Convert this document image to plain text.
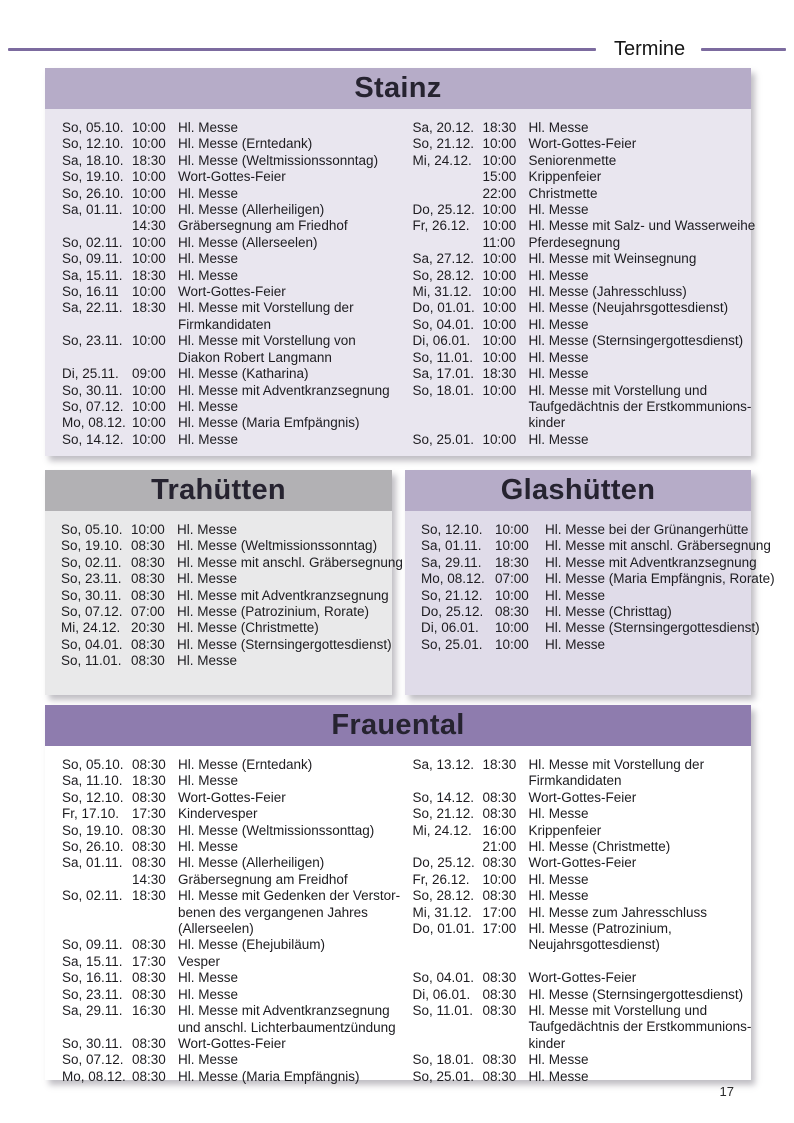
Termine
Stainz
So, 05.10. 10:00 Hl. Messe
So, 12.10. 10:00 Hl. Messe (Erntedank)
Sa, 18.10. 18:30 Hl. Messe (Weltmissionssonntag)
So, 19.10. 10:00 Wort-Gottes-Feier
So, 26.10. 10:00 Hl. Messe
Sa, 01.11. 10:00 Hl. Messe (Allerheiligen)
14:30 Gräbersegnung am Friedhof
So, 02.11. 10:00 Hl. Messe (Allerseelen)
So, 09.11. 10:00 Hl. Messe
Sa, 15.11. 18:30 Hl. Messe
So, 16.11 10:00 Wort-Gottes-Feier
Sa, 22.11. 18:30 Hl. Messe mit Vorstellung der
Firmkandidaten
So, 23.11. 10:00 Hl. Messe mit Vorstellung von
Diakon Robert Langmann
Di, 25.11. 09:00 Hl. Messe (Katharina)
So, 30.11. 10:00 Hl. Messe mit Adventkranzsegnung
So, 07.12. 10:00 Hl. Messe
Mo, 08.12. 10:00 Hl. Messe (Maria Emfpängnis)
So, 14.12. 10:00 Hl. Messe
Sa, 20.12. 18:30 Hl. Messe
So, 21.12. 10:00 Wort-Gottes-Feier
Mi, 24.12. 10:00 Seniorenmette
15:00 Krippenfeier
22:00 Christmette
Do, 25.12. 10:00 Hl. Messe
Fr, 26.12. 10:00 Hl. Messe mit Salz- und Wasserweihe
11:00 Pferdesegnung
Sa, 27.12. 10:00 Hl. Messe mit Weinsegnung
So, 28.12. 10:00 Hl. Messe
Mi, 31.12. 10:00 Hl. Messe (Jahresschluss)
Do, 01.01. 10:00 Hl. Messe (Neujahrsgottesdienst)
So, 04.01. 10:00 Hl. Messe
Di, 06.01. 10:00 Hl. Messe (Sternsingergottesdienst)
So, 11.01. 10:00 Hl. Messe
Sa, 17.01. 18:30 Hl. Messe
So, 18.01. 10:00 Hl. Messe mit Vorstellung und
Taufgedächtnis der Erstkommunions-
kinder
So, 25.01. 10:00 Hl. Messe
Trahütten
So, 05.10. 10:00 Hl. Messe
So, 19.10. 08:30 Hl. Messe (Weltmissionssonntag)
So, 02.11. 08:30 Hl. Messe mit anschl. Gräbersegnung
So, 23.11. 08:30 Hl. Messe
So, 30.11. 08:30 Hl. Messe mit Adventkranzsegnung
So, 07.12. 07:00 Hl. Messe (Patrozinium, Rorate)
Mi, 24.12. 20:30 Hl. Messe (Christmette)
So, 04.01. 08:30 Hl. Messe (Sternsingergottesdienst)
So, 11.01. 08:30 Hl. Messe
Glashütten
So, 12.10. 10:00	Hl. Messe bei der Grünangerhütte
Sa, 01.11. 10:00	Hl. Messe mit anschl. Gräbersegnung
Sa, 29.11. 18:30	Hl. Messe mit Adventkranzsegnung
Mo, 08.12. 07:00	Hl. Messe (Maria Empfängnis, Rorate)
So, 21.12. 10:00	Hl. Messe
Do, 25.12. 08:30	Hl. Messe (Christtag)
Di, 06.01.	10:00	Hl. Messe (Sternsingergottesdienst)
So, 25.01. 10:00	Hl. Messe
Frauental
So, 05.10. 08:30 Hl. Messe (Erntedank)
Sa, 11.10. 18:30 Hl. Messe
So, 12.10. 08:30 Wort-Gottes-Feier
Fr, 17.10. 17:30 Kindervesper
So, 19.10. 08:30 Hl. Messe (Weltmissionssonttag)
So, 26.10. 08:30 Hl. Messe
Sa, 01.11. 08:30 Hl. Messe (Allerheiligen)
14:30 Gräbersegnung am Freidhof
So, 02.11. 18:30 Hl. Messe mit Gedenken der Verstor-
benen des vergangenen Jahres
(Allerseelen)
So, 09.11. 08:30 Hl. Messe (Ehejubiläum)
Sa, 15.11. 17:30 Vesper
So, 16.11. 08:30 Hl. Messe
So, 23.11. 08:30 Hl. Messe
Sa, 29.11. 16:30 Hl. Messe mit Adventkranzsegnung
und anschl. Lichterbaumentzündung
So, 30.11. 08:30 Wort-Gottes-Feier
So, 07.12. 08:30 Hl. Messe
Mo, 08.12. 08:30 Hl. Messe (Maria Empfängnis)
Sa, 13.12. 18:30 Hl. Messe mit Vorstellung der
Firmkandidaten
So, 14.12. 08:30 Wort-Gottes-Feier
So, 21.12. 08:30 Hl. Messe
Mi, 24.12. 16:00 Krippenfeier
21:00 Hl. Messe (Christmette)
Do, 25.12. 08:30 Wort-Gottes-Feier
Fr, 26.12. 10:00 Hl. Messe
So, 28.12. 08:30 Hl. Messe
Mi, 31.12. 17:00 Hl. Messe zum Jahresschluss
Do, 01.01. 17:00 Hl. Messe (Patrozinium,
Neujahrsgottesdienst)
So, 04.01. 08:30 Wort-Gottes-Feier
Di, 06.01. 08:30 Hl. Messe (Sternsingergottesdienst)
So, 11.01. 08:30 Hl. Messe mit Vorstellung und
Taufgedächtnis der Erstkommunions-
kinder
So, 18.01. 08:30 Hl. Messe
So, 25.01. 08:30 Hl. Messe
17
